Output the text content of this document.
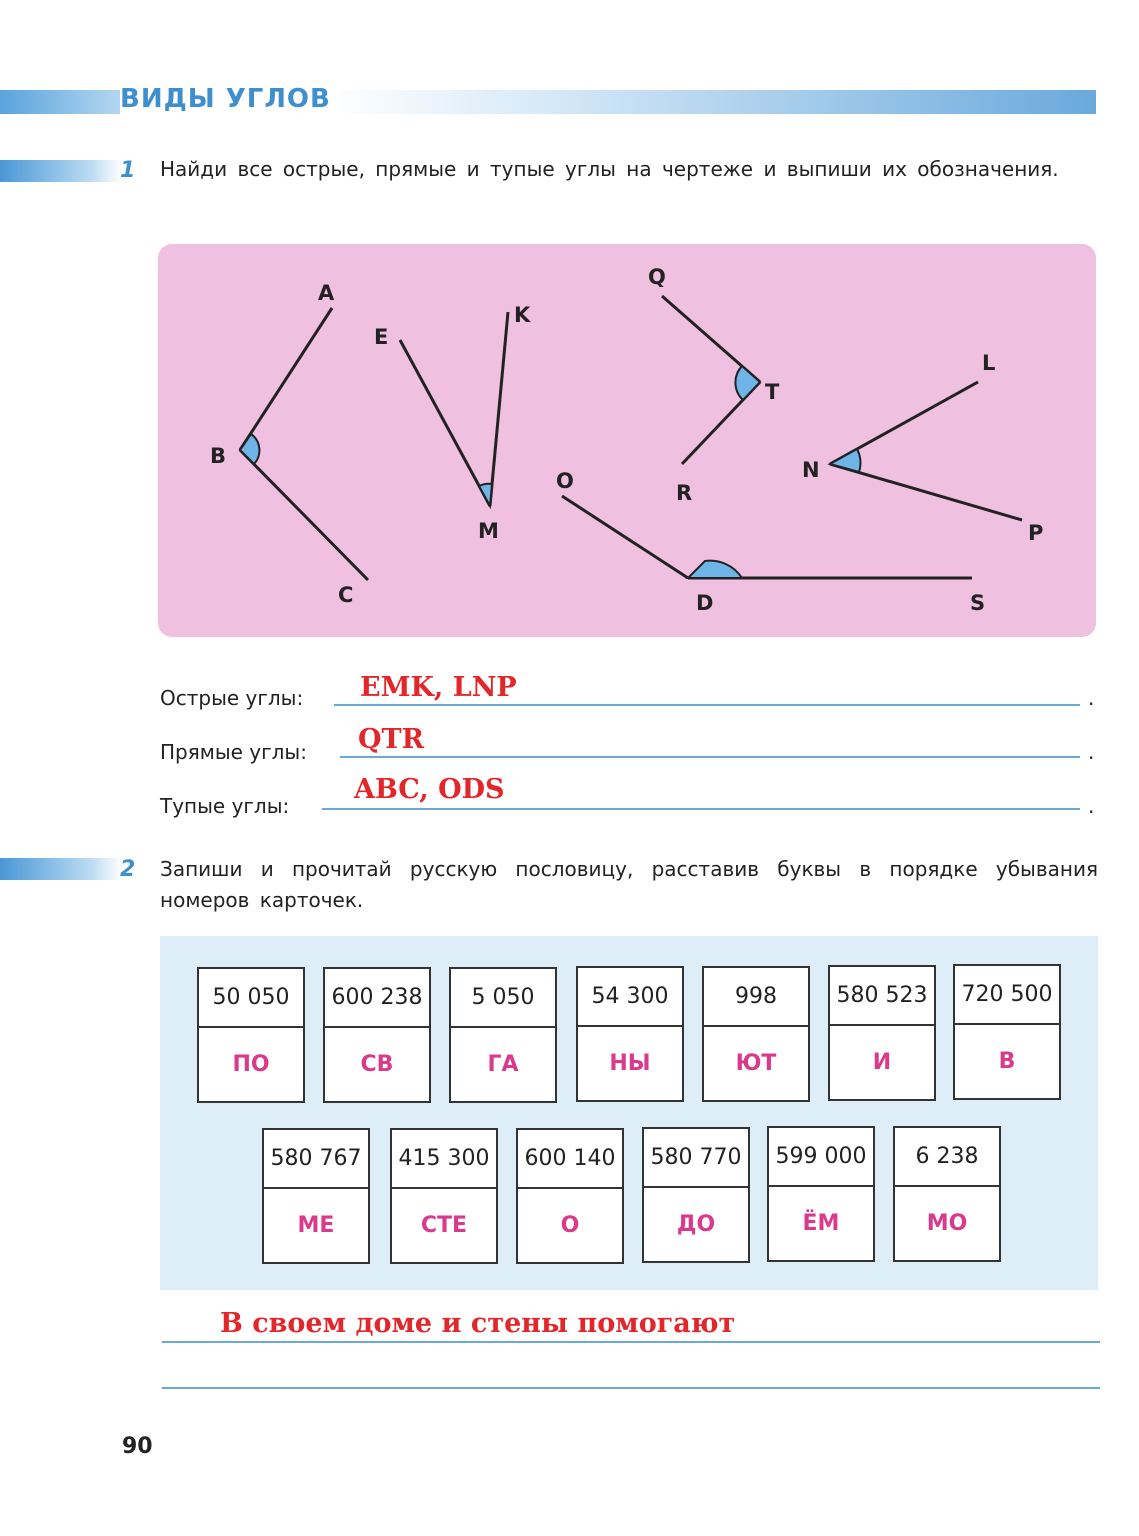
ВИДЫ УГЛОВ
1 Найди все острые, прямые и тупые углы на чертеже и выпиши их обозначения.
A
B
C
E
M
K
Q
T
R
L
N
P
O
D	S
Острые углы: EMK, LNP	.
Прямые углы: QTR	.
Тупые углы:
ABC, ODS
.
2 Запиши и прочитай русскую пословицу, расставив буквы в порядке убывания номеров карточек.
50 050
ПО
600 238
СВ
5 050
ГА
54 300
НЫ
998
ЮТ
580 523
И
720 500
В
580 767
МЕ
415 300
СТЕ
600 140
О
580 770
ДО
599 000
ЁМ
6 238
МО
В своем доме и стены помогают
90
